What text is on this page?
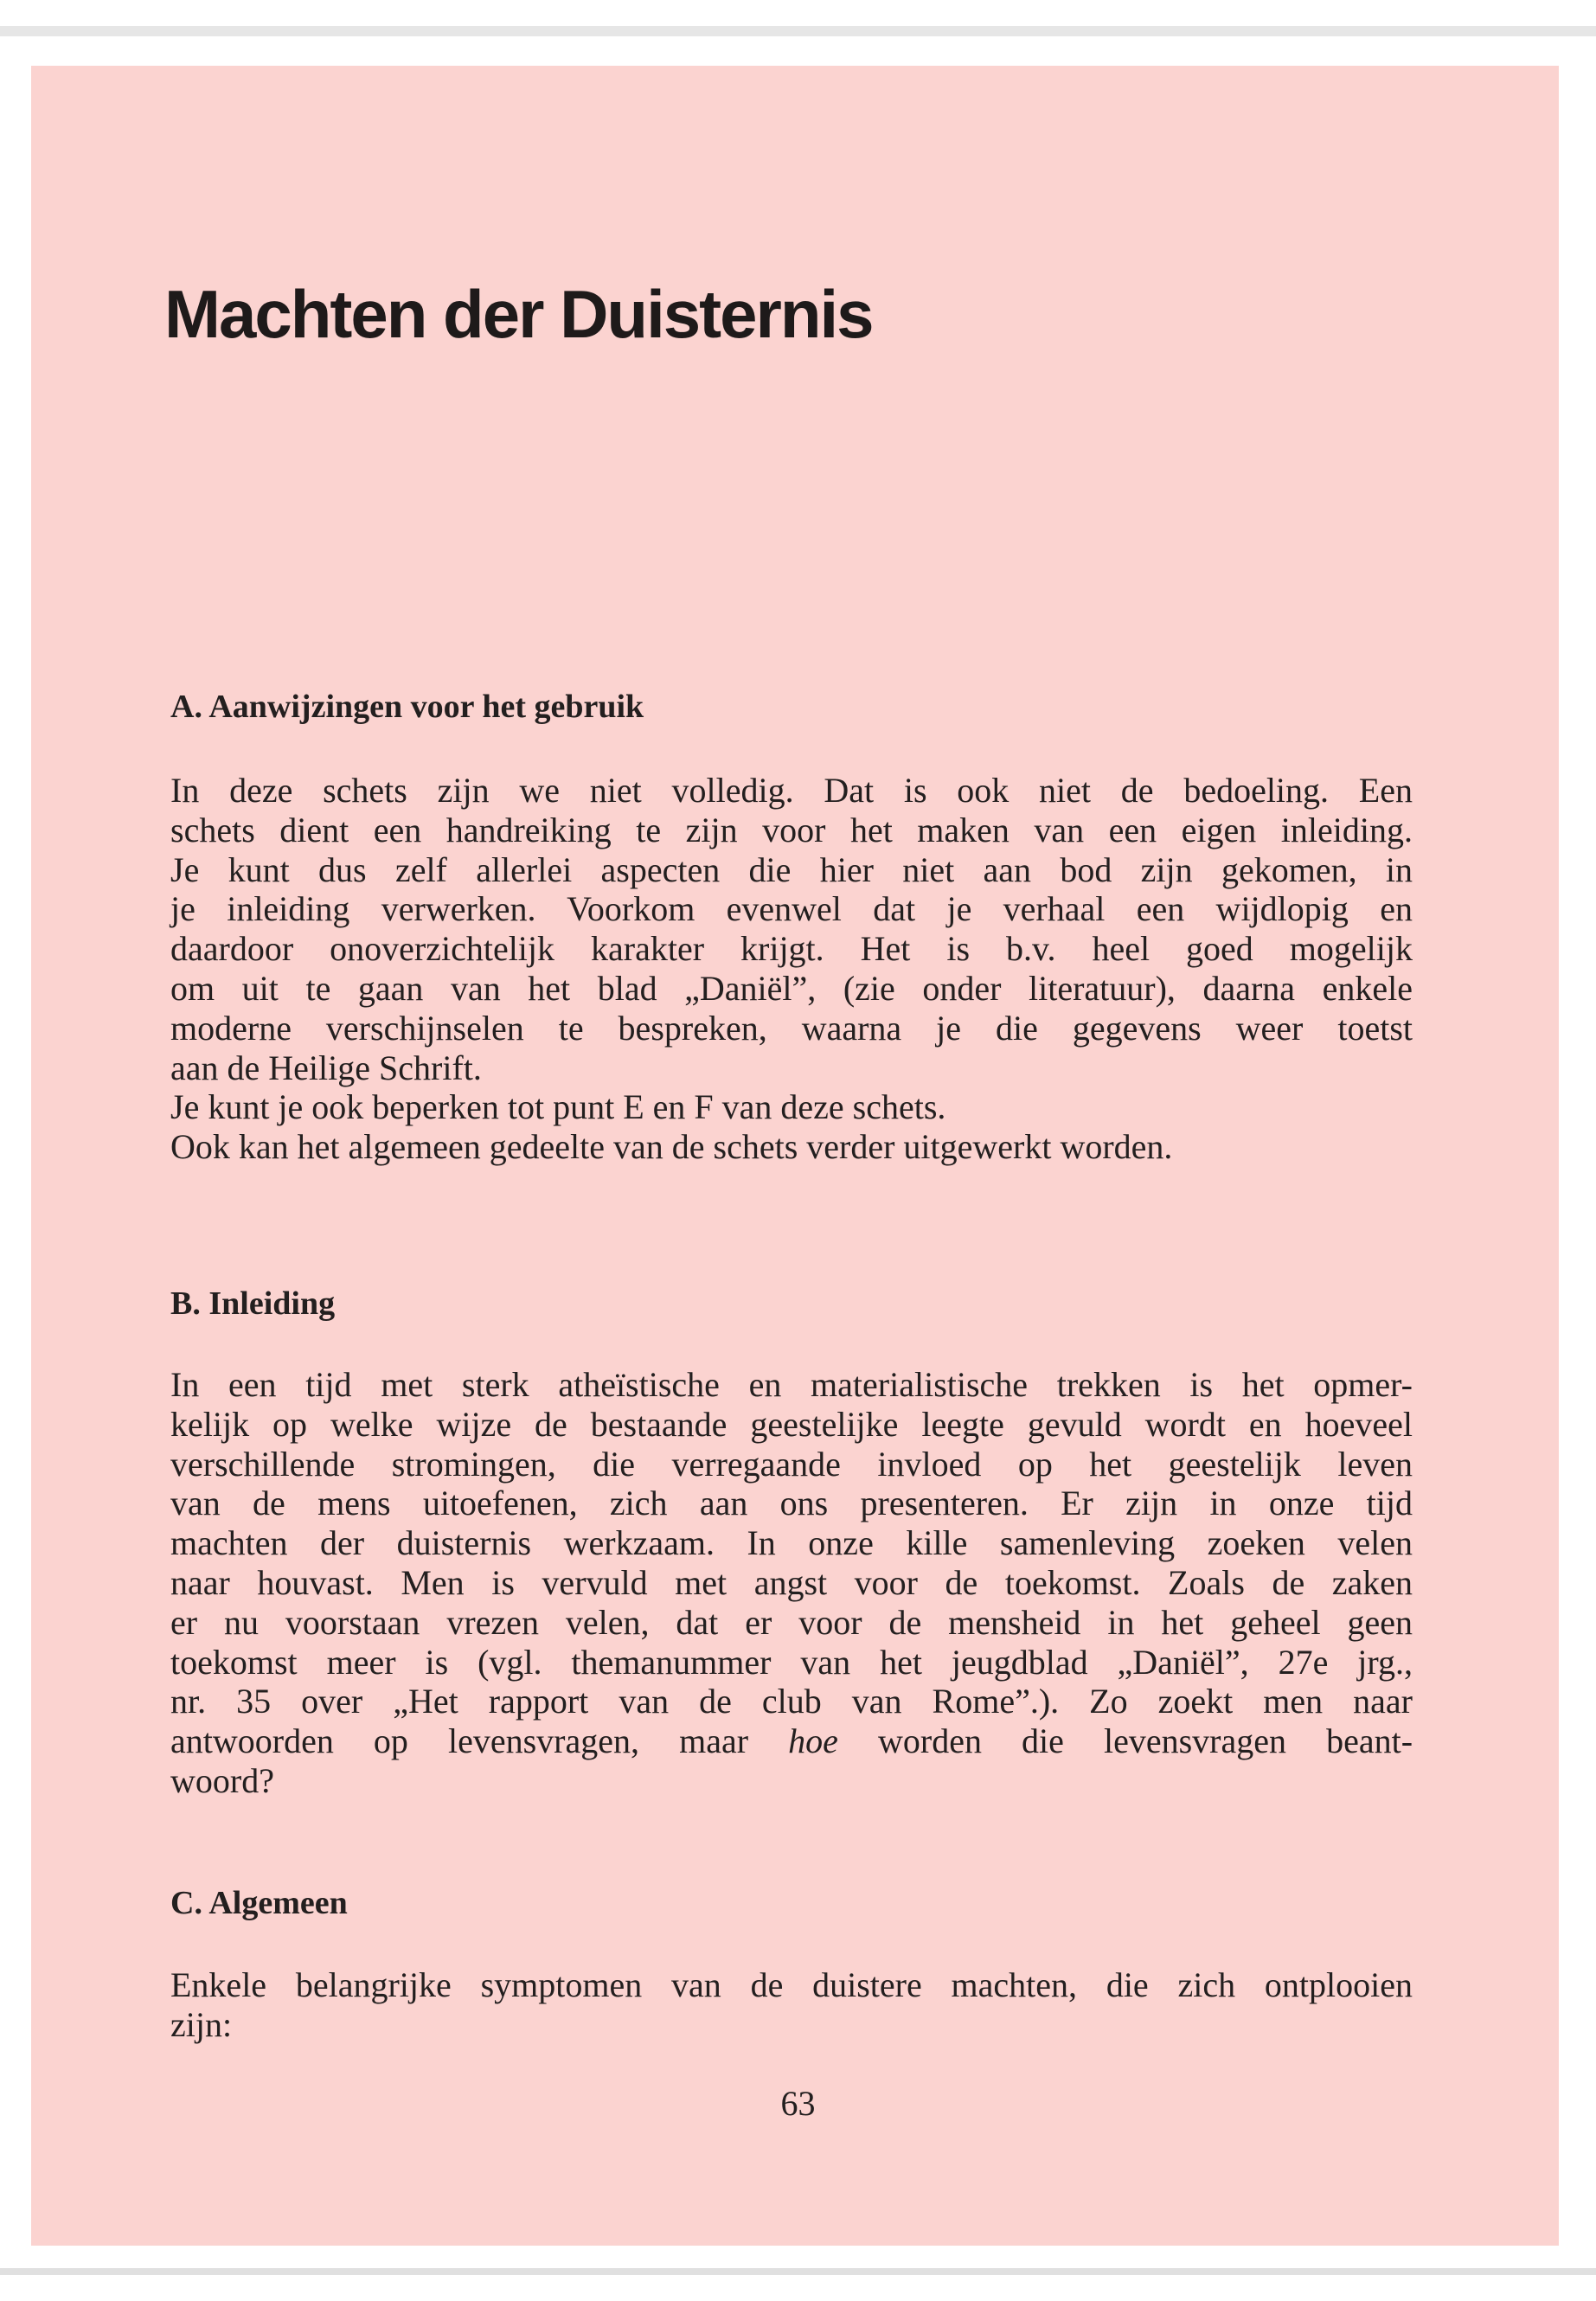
Machten der Duisternis
A. Aanwijzingen voor het gebruik
In deze schets zijn we niet volledig. Dat is ook niet de bedoeling. Een
schets dient een handreiking te zijn voor het maken van een eigen inleiding.
Je kunt dus zelf allerlei aspecten die hier niet aan bod zijn gekomen, in
je inleiding verwerken. Voorkom evenwel dat je verhaal een wijdlopig en
daardoor onoverzichtelijk karakter krijgt. Het is b.v. heel goed mogelijk
om uit te gaan van het blad „Daniël”, (zie onder literatuur), daarna enkele
moderne verschijnselen te bespreken, waarna je die gegevens weer toetst
aan de Heilige Schrift.
Je kunt je ook beperken tot punt E en F van deze schets.
Ook kan het algemeen gedeelte van de schets verder uitgewerkt worden.
B. Inleiding
In een tijd met sterk atheïstische en materialistische trekken is het opmer-
kelijk op welke wijze de bestaande geestelijke leegte gevuld wordt en hoeveel
verschillende stromingen, die verregaande invloed op het geestelijk leven
van de mens uitoefenen, zich aan ons presenteren. Er zijn in onze tijd
machten der duisternis werkzaam. In onze kille samenleving zoeken velen
naar houvast. Men is vervuld met angst voor de toekomst. Zoals de zaken
er nu voorstaan vrezen velen, dat er voor de mensheid in het geheel geen
toekomst meer is (vgl. themanummer van het jeugdblad „Daniël”, 27e jrg.,
nr. 35 over „Het rapport van de club van Rome”.). Zo zoekt men naar
antwoorden op levensvragen, maar hoe worden die levensvragen beant-
woord?
C. Algemeen
Enkele belangrijke symptomen van de duistere machten, die zich ontplooien
zijn:
63
